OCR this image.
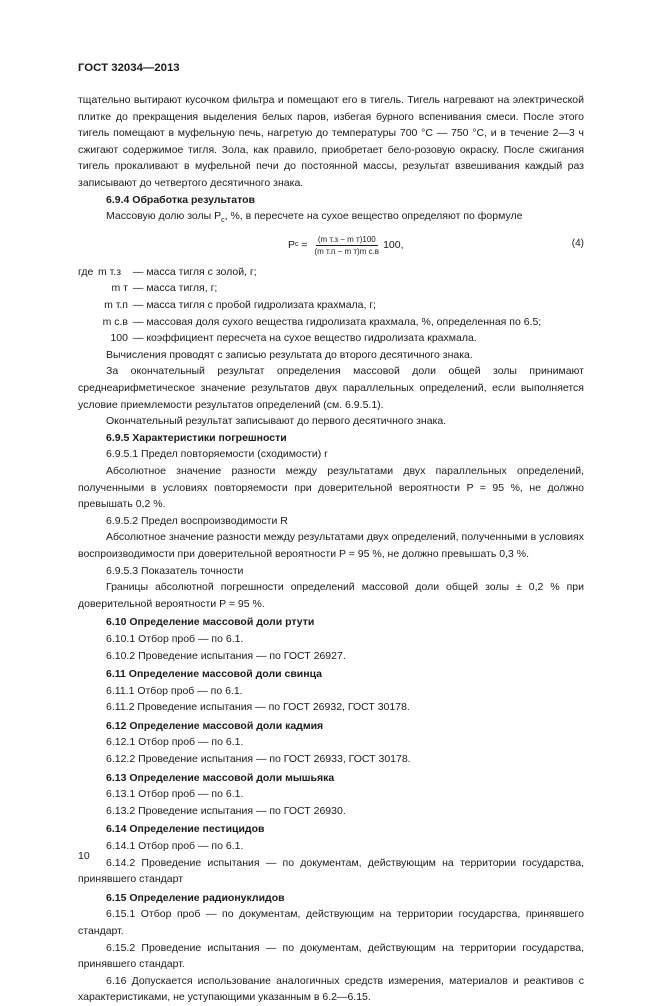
ГОСТ 32034—2013

тщательно вытирают кусочком фильтра и помещают его в тигель. Тигель нагревают на электрической плитке до прекращения выделения белых паров, избегая бурного вспенивания смеси. После этого тигель помещают в муфельную печь, нагретую до температуры 700 °С — 750 °С, и в течение 2—3 ч сжигают содержимое тигля. Зола, как правило, приобретает бело-розовую окраску. После сжигания тигель прокаливают в муфельной печи до постоянной массы, результат взвешивания каждый раз записывают до четвертого десятичного знака.

6.9.4 Обработка результатов

Массовую долю золы $P_с$, %, в пересчете на сухое вещество определяют по формуле

P $с = \frac{\text{(m т.з − m т)100}}{\text{(m т.п − m т)m с.в}} 100$,	(4)
где m т.з
	— масса тигля с золой, г;
m т
— масса тигля, г;
m т.п
— масса тигля с пробой гидролизата крахмала, г;
m с.в
— массовая доля сухого вещества гидролизата крахмала, %, определенная по 6.5;
100
— коэффициент пересчета на сухое вещество гидролизата крахмала.

Вычисления проводят с записью результата до второго десятичного знака.

За окончательный результат определения массовой доли общей золы принимают среднеарифметическое значение результатов двух параллельных определений, если выполняется условие приемлемости результатов определений (см. 6.9.5.1).

Окончательный результат записывают до первого десятичного знака.

6.9.5 Характеристики погрешности

6.9.5.1 Предел повторяемости (сходимости) r

Абсолютное значение разности между результатами двух параллельных определений, полученными в условиях повторяемости при доверительной вероятности P = 95 %, не должно превышать 0,2 %.

6.9.5.2 Предел воспроизводимости R

Абсолютное значение разности между результатами двух определений, полученными в условиях воспроизводимости при доверительной вероятности P = 95 %, не должно превышать 0,3 %.

6.9.5.3 Показатель точности

Границы абсолютной погрешности определений массовой доли общей золы ± 0,2 % при доверительной вероятности P = 95 %.

6.10 Определение массовой доли ртути

6.10.1 Отбор проб — по 6.1.

6.10.2 Проведение испытания — по ГОСТ 26927.

6.11 Определение массовой доли свинца

6.11.1 Отбор проб — по 6.1.

6.11.2 Проведение испытания — по ГОСТ 26932, ГОСТ 30178.

6.12 Определение массовой доли кадмия

6.12.1 Отбор проб — по 6.1.

6.12.2 Проведение испытания — по ГОСТ 26933, ГОСТ 30178.

6.13 Определение массовой доли мышьяка

6.13.1 Отбор проб — по 6.1.

6.13.2 Проведение испытания — по ГОСТ 26930.

6.14 Определение пестицидов

6.14.1 Отбор проб — по 6.1.

6.14.2 Проведение испытания — по документам, действующим на территории государства, принявшего стандарт

6.15 Определение радионуклидов

6.15.1 Отбор проб — по документам, действующим на территории государства, принявшего стандарт.

6.15.2 Проведение испытания — по документам, действующим на территории государства, принявшего стандарт.

6.16 Допускается использование аналогичных средств измерения, материалов и реактивов с характеристиками, не уступающими указанным в 6.2—6.15.

10
